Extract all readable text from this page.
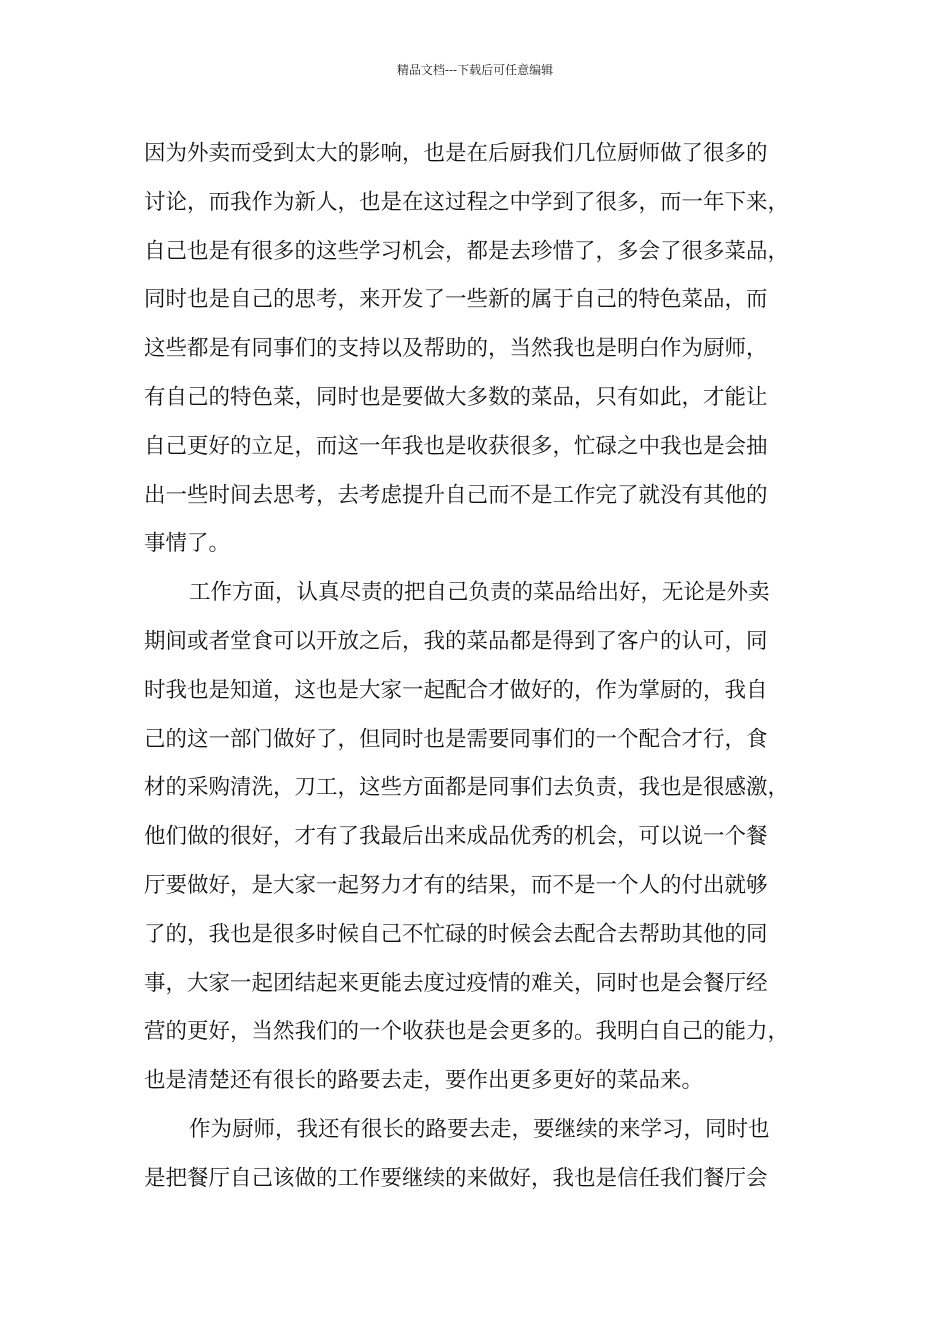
精品文档---下载后可任意编辑
因为外卖而受到太大的影响，也是在后厨我们几位厨师做了很多的
讨论，而我作为新人，也是在这过程之中学到了很多，而一年下来，
自己也是有很多的这些学习机会，都是去珍惜了，多会了很多菜品，
同时也是自己的思考，来开发了一些新的属于自己的特色菜品，而
这些都是有同事们的支持以及帮助的，当然我也是明白作为厨师，
有自己的特色菜，同时也是要做大多数的菜品，只有如此，才能让
自己更好的立足，而这一年我也是收获很多，忙碌之中我也是会抽
出一些时间去思考，去考虑提升自己而不是工作完了就没有其他的
事情了。
工作方面，认真尽责的把自己负责的菜品给出好，无论是外卖
期间或者堂食可以开放之后，我的菜品都是得到了客户的认可，同
时我也是知道，这也是大家一起配合才做好的，作为掌厨的，我自
己的这一部门做好了，但同时也是需要同事们的一个配合才行，食
材的采购清洗，刀工，这些方面都是同事们去负责，我也是很感激，
他们做的很好，才有了我最后出来成品优秀的机会，可以说一个餐
厅要做好，是大家一起努力才有的结果，而不是一个人的付出就够
了的，我也是很多时候自己不忙碌的时候会去配合去帮助其他的同
事，大家一起团结起来更能去度过疫情的难关，同时也是会餐厅经
营的更好，当然我们的一个收获也是会更多的。我明白自己的能力，
也是清楚还有很长的路要去走，要作出更多更好的菜品来。
作为厨师，我还有很长的路要去走，要继续的来学习，同时也
是把餐厅自己该做的工作要继续的来做好，我也是信任我们餐厅会
